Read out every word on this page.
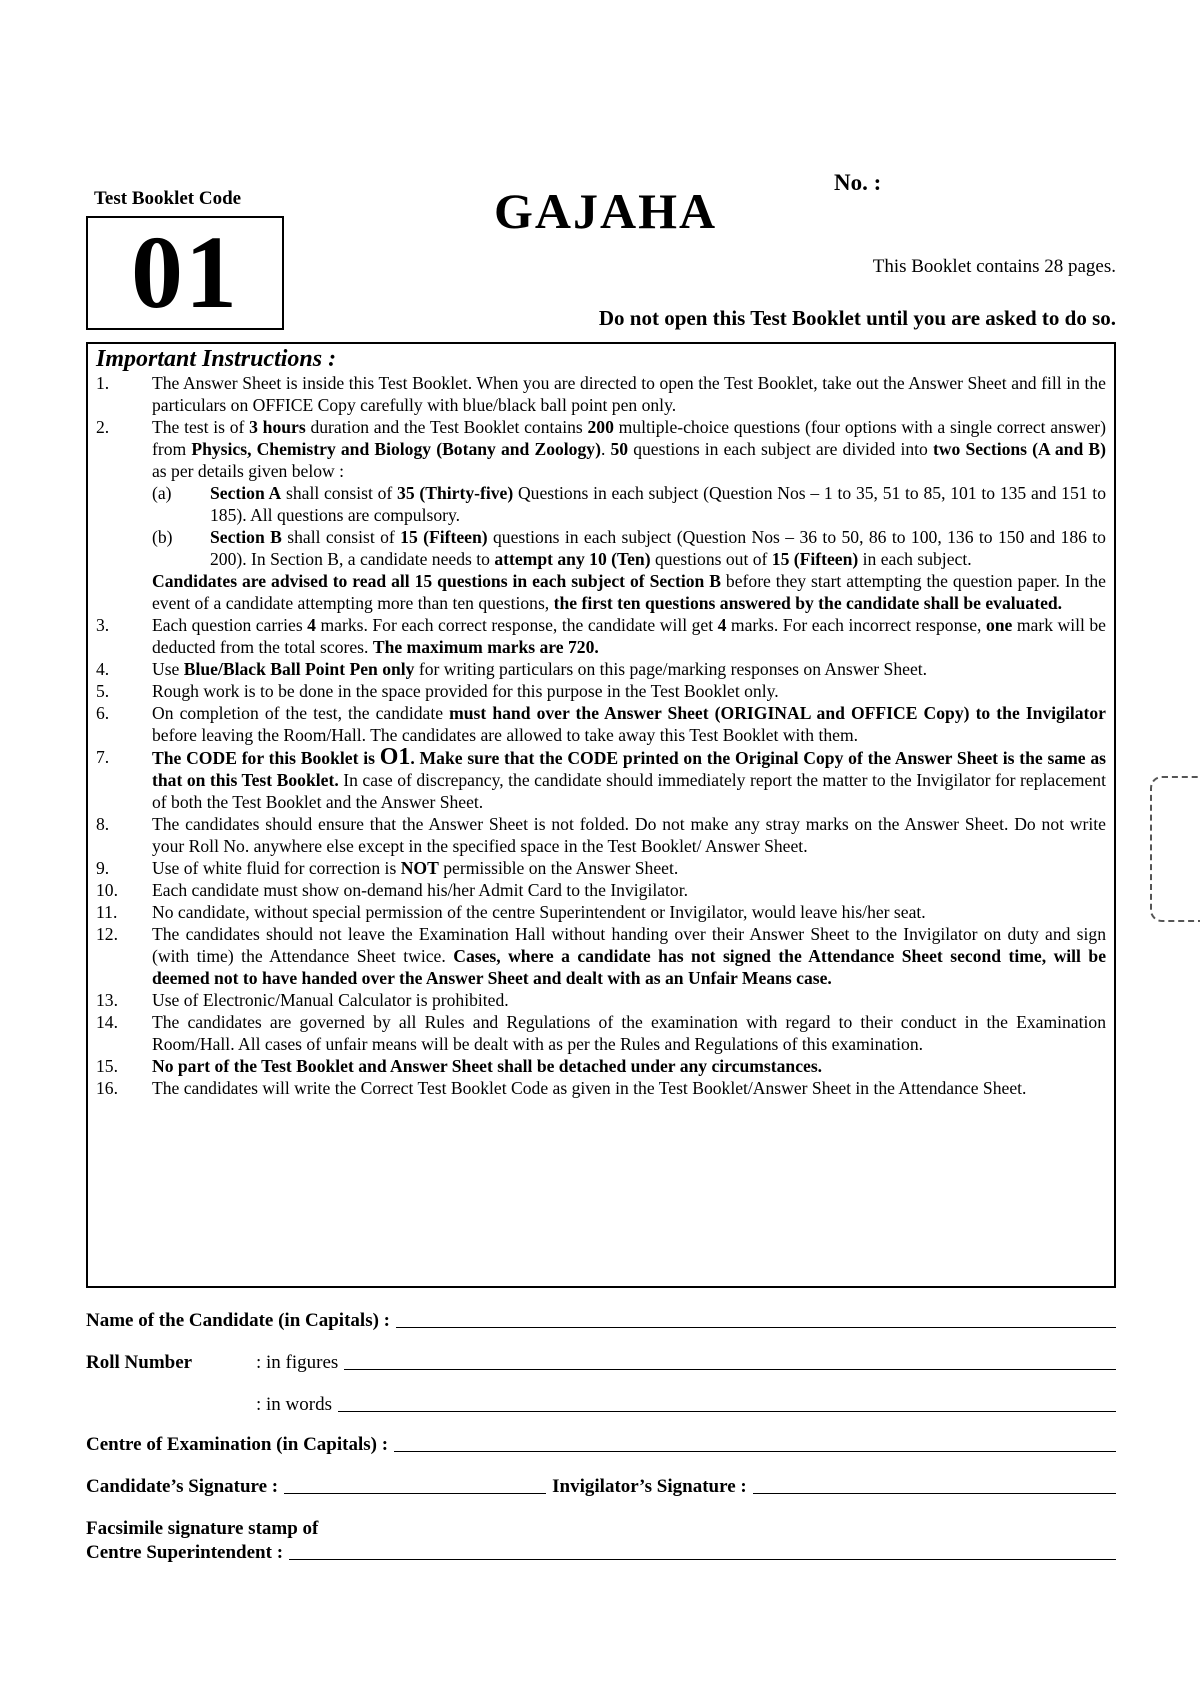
Test Booklet Code
01
GAJAHA
No. :
This Booklet contains 28 pages.
Do not open this Test Booklet until you are asked to do so.
Important Instructions :
1.	The Answer Sheet is inside this Test Booklet. When you are directed to open the Test Booklet, take out the Answer Sheet and fill in the particulars on OFFICE Copy carefully with blue/black ball point pen only.
2.	The test is of 3 hours duration and the Test Booklet contains 200 multiple-choice questions (four options with a single correct answer) from Physics, Chemistry and Biology (Botany and Zoology). 50 questions in each subject are divided into two Sections (A and B) as per details given below :
(a)	Section A shall consist of 35 (Thirty-five) Questions in each subject (Question Nos – 1 to 35, 51 to 85, 101 to 135 and 151 to 185). All questions are compulsory.
(b)	Section B shall consist of 15 (Fifteen) questions in each subject (Question Nos – 36 to 50, 86 to 100, 136 to 150 and 186 to 200). In Section B, a candidate needs to attempt any 10 (Ten) questions out of 15 (Fifteen) in each subject.
Candidates are advised to read all 15 questions in each subject of Section B before they start attempting the question paper. In the event of a candidate attempting more than ten questions, the first ten questions answered by the candidate shall be evaluated.
3.	Each question carries 4 marks. For each correct response, the candidate will get 4 marks. For each incorrect response, one mark will be deducted from the total scores. The maximum marks are 720.
4.	Use Blue/Black Ball Point Pen only for writing particulars on this page/marking responses on Answer Sheet.
5.	Rough work is to be done in the space provided for this purpose in the Test Booklet only.
6.	On completion of the test, the candidate must hand over the Answer Sheet (ORIGINAL and OFFICE Copy) to the Invigilator before leaving the Room/Hall. The candidates are allowed to take away this Test Booklet with them.
7.	The CODE for this Booklet is O1. Make sure that the CODE printed on the Original Copy of the Answer Sheet is the same as that on this Test Booklet. In case of discrepancy, the candidate should immediately report the matter to the Invigilator for replacement of both the Test Booklet and the Answer Sheet.
8.	The candidates should ensure that the Answer Sheet is not folded. Do not make any stray marks on the Answer Sheet. Do not write your Roll No. anywhere else except in the specified space in the Test Booklet/ Answer Sheet.
9.	Use of white fluid for correction is NOT permissible on the Answer Sheet.
10.	Each candidate must show on-demand his/her Admit Card to the Invigilator.
11.	No candidate, without special permission of the centre Superintendent or Invigilator, would leave his/her seat.
12.	The candidates should not leave the Examination Hall without handing over their Answer Sheet to the Invigilator on duty and sign (with time) the Attendance Sheet twice. Cases, where a candidate has not signed the Attendance Sheet second time, will be deemed not to have handed over the Answer Sheet and dealt with as an Unfair Means case.
13.	Use of Electronic/Manual Calculator is prohibited.
14.	The candidates are governed by all Rules and Regulations of the examination with regard to their conduct in the Examination Room/Hall. All cases of unfair means will be dealt with as per the Rules and Regulations of this examination.
15.	No part of the Test Booklet and Answer Sheet shall be detached under any circumstances.
16.	The candidates will write the Correct Test Booklet Code as given in the Test Booklet/Answer Sheet in the Attendance Sheet.
Name of the Candidate (in Capitals) :
Roll Number	: in figures
: in words
Centre of Examination (in Capitals) :
Candidate’s Signature :	Invigilator’s Signature :
Facsimile signature stamp of
Centre Superintendent :
